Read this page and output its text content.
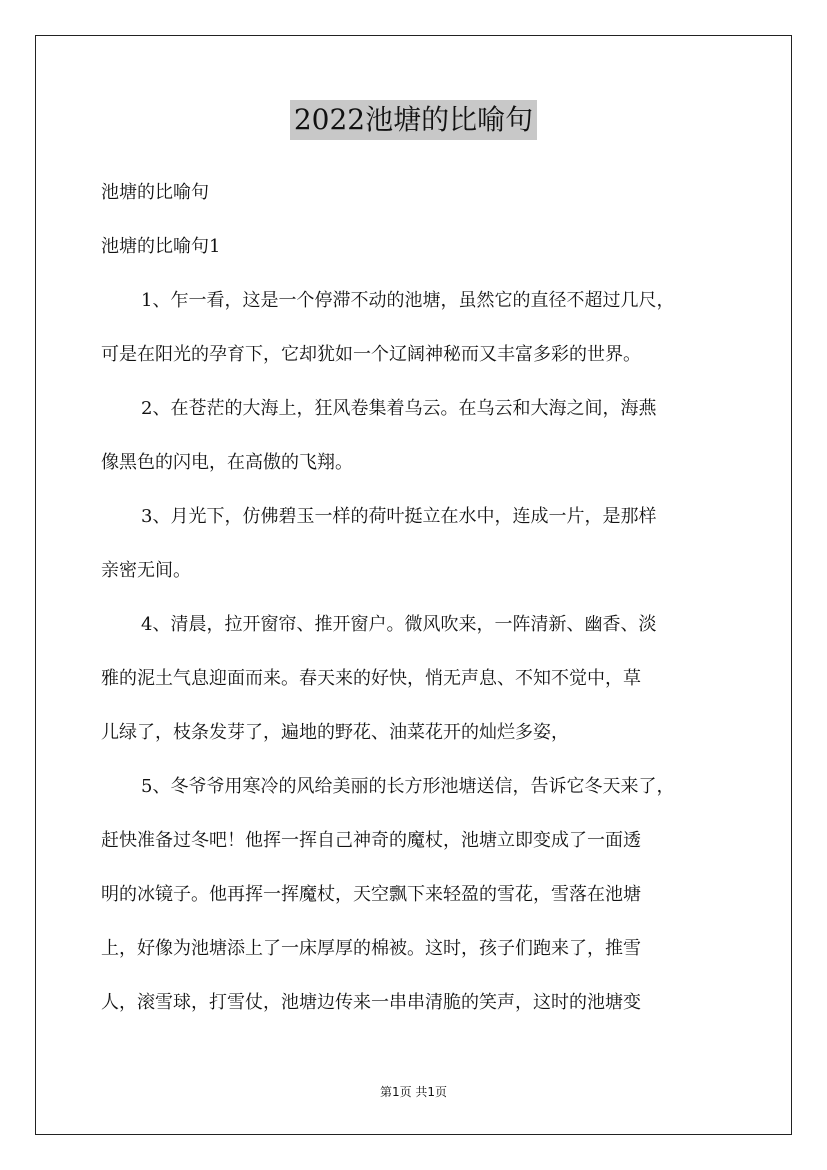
2022池塘的比喻句

池塘的比喻句

池塘的比喻句1

1、乍一看，这是一个停滞不动的池塘，虽然它的直径不超过几尺，

可是在阳光的孕育下，它却犹如一个辽阔神秘而又丰富多彩的世界。

2、在苍茫的大海上，狂风卷集着乌云。在乌云和大海之间，海燕

像黑色的闪电，在高傲的飞翔。

3、月光下，仿佛碧玉一样的荷叶挺立在水中，连成一片，是那样

亲密无间。

4、清晨，拉开窗帘、推开窗户。微风吹来，一阵清新、幽香、淡

雅的泥土气息迎面而来。春天来的好快，悄无声息、不知不觉中，草

儿绿了，枝条发芽了，遍地的野花、油菜花开的灿烂多姿，

5、冬爷爷用寒冷的风给美丽的长方形池塘送信，告诉它冬天来了，

赶快准备过冬吧！他挥一挥自己神奇的魔杖，池塘立即变成了一面透

明的冰镜子。他再挥一挥魔杖，天空飘下来轻盈的雪花，雪落在池塘

上，好像为池塘添上了一床厚厚的棉被。这时，孩子们跑来了，推雪

人，滚雪球，打雪仗，池塘边传来一串串清脆的笑声，这时的池塘变

第1页 共1页
